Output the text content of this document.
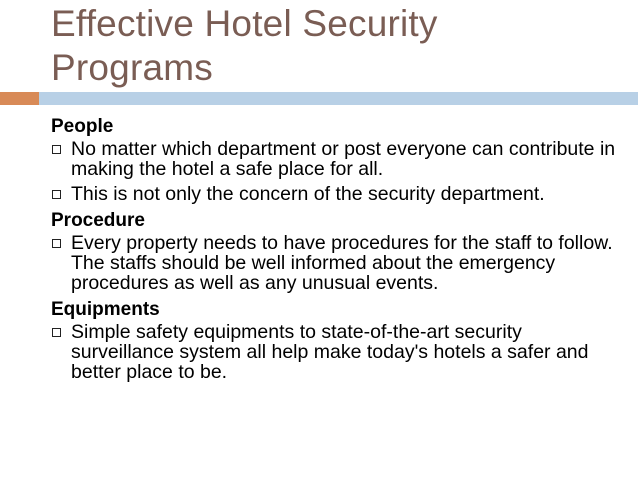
Effective Hotel Security
Programs
People
No matter which department or post everyone can contribute in making the hotel a safe place for all.
This is not only the concern of the security department.
Procedure
Every property needs to have procedures for the staff to follow. The staffs should be well informed about the emergency procedures as well as any unusual events.
Equipments
Simple safety equipments to state-of-the-art security surveillance system all help make today's hotels a safer and better place to be.
